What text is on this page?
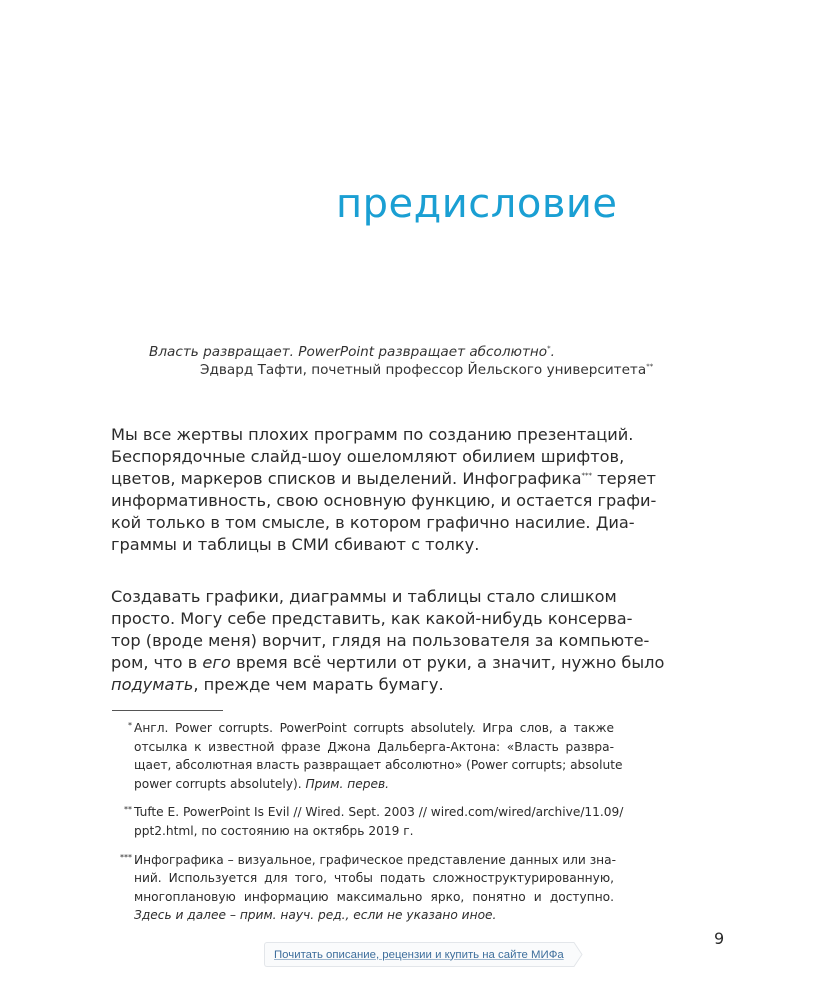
предисловие
Власть развращает. PowerPoint развращает абсолютно*.
Эдвард Тафти, почетный профессор Йельского университета**
Мы все жертвы плохих программ по созданию презентаций.
Беспорядочные слайд-шоу ошеломляют обилием шрифтов,
цветов, маркеров списков и выделений. Инфографика*** теряет
информативность, свою основную функцию, и остается графи-
кой только в том смысле, в котором графично насилие. Диа-
граммы и таблицы в СМИ сбивают с толку.
Создавать графики, диаграммы и таблицы стало слишком
просто. Могу себе представить, как какой-нибудь консерва-
тор (вроде меня) ворчит, глядя на пользователя за компьюте-
ром, что в его время всё чертили от руки, а значит, нужно было
подумать, прежде чем марать бумагу.
* Англ. Power corrupts. PowerPoint corrupts absolutely. Игра слов, а также
отсылка к известной фразе Джона Дальберга-Актона: «Власть развра-
щает, абсолютная власть развращает абсолютно» (Power corrupts; absolute
power corrupts absolutely). Прим. перев.
** Tufte E. PowerPoint Is Evil // Wired. Sept. 2003 // wired.com/wired/archive/11.09/
ppt2.html, по состоянию на октябрь 2019 г.
*** Инфографика – визуальное, графическое представление данных или зна-
ний. Используется для того, чтобы подать сложноструктурированную,
многоплановую информацию максимально ярко, понятно и доступно.
Здесь и далее – прим. науч. ред., если не указано иное.
9
Почитать описание, рецензии и купить на сайте МИФа
